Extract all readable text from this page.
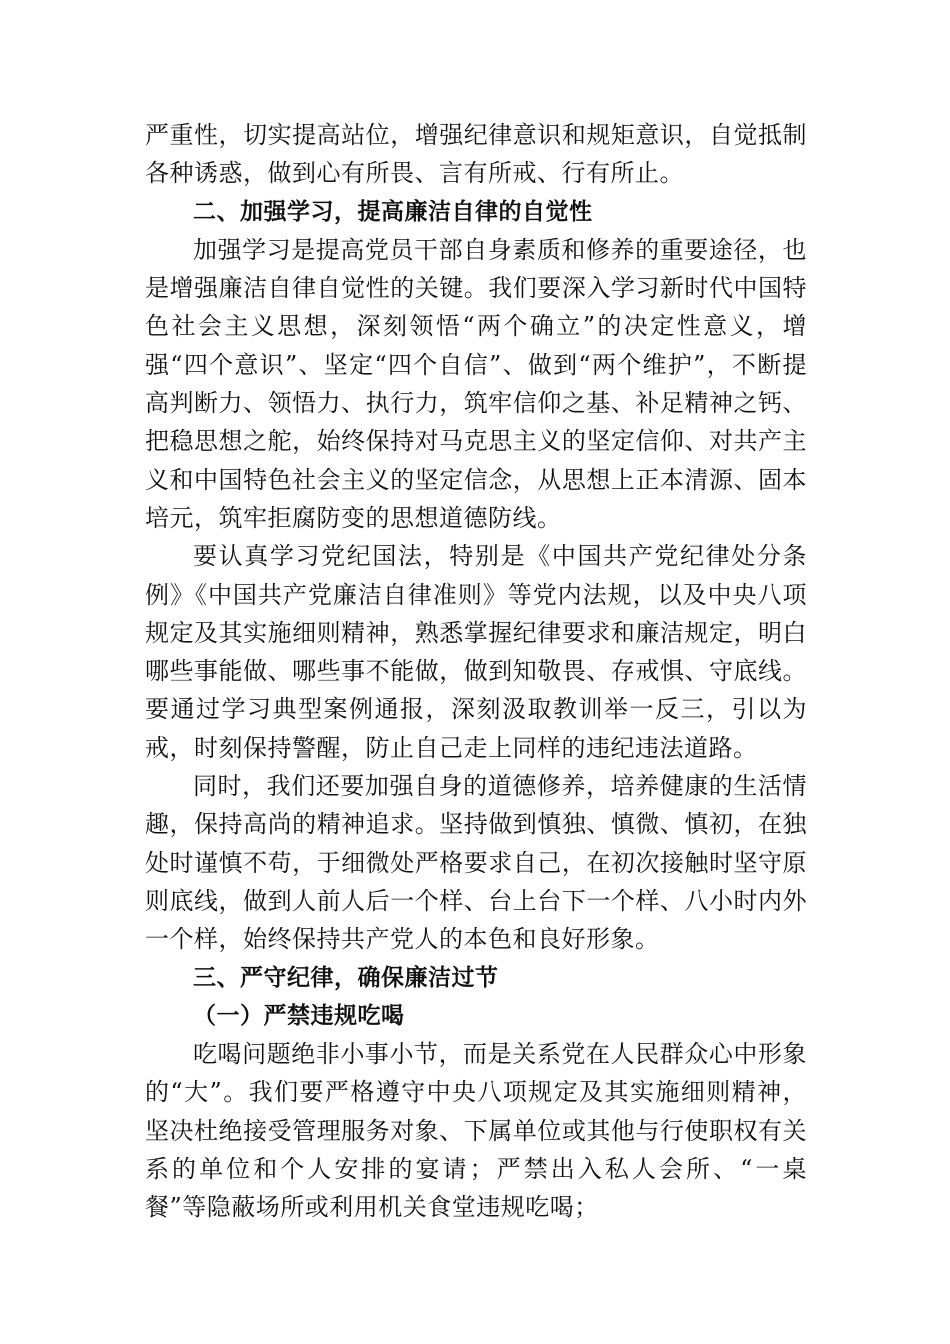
严重性，切实提高站位，增强纪律意识和规矩意识，自觉抵制各种诱惑，做到心有所畏、言有所戒、行有所止。

二、加强学习，提高廉洁自律的自觉性

加强学习是提高党员干部自身素质和修养的重要途径，也是增强廉洁自律自觉性的关键。我们要深入学习新时代中国特色社会主义思想，深刻领悟“两个确立”的决定性意义，增强“四个意识”、坚定“四个自信”、做到“两个维护”，不断提高判断力、领悟力、执行力，筑牢信仰之基、补足精神之钙、把稳思想之舵，始终保持对马克思主义的坚定信仰、对共产主义和中国特色社会主义的坚定信念，从思想上正本清源、固本培元，筑牢拒腐防变的思想道德防线。

要认真学习党纪国法，特别是《中国共产党纪律处分条例》《中国共产党廉洁自律准则》等党内法规，以及中央八项规定及其实施细则精神，熟悉掌握纪律要求和廉洁规定，明白哪些事能做、哪些事不能做，做到知敬畏、存戒惧、守底线。要通过学习典型案例通报，深刻汲取教训举一反三，引以为戒，时刻保持警醒，防止自己走上同样的违纪违法道路。

同时，我们还要加强自身的道德修养，培养健康的生活情趣，保持高尚的精神追求。坚持做到慎独、慎微、慎初，在独处时谨慎不苟，于细微处严格要求自己，在初次接触时坚守原则底线，做到人前人后一个样、台上台下一个样、八小时内外一个样，始终保持共产党人的本色和良好形象。

三、严守纪律，确保廉洁过节

（一）严禁违规吃喝

吃喝问题绝非小事小节，而是关系党在人民群众心中形象的“大”。我们要严格遵守中央八项规定及其实施细则精神，坚决杜绝接受管理服务对象、下属单位或其他与行使职权有关系的单位和个人安排的宴请；严禁出入私人会所、“一桌餐”等隐蔽场所或利用机关食堂违规吃喝；
